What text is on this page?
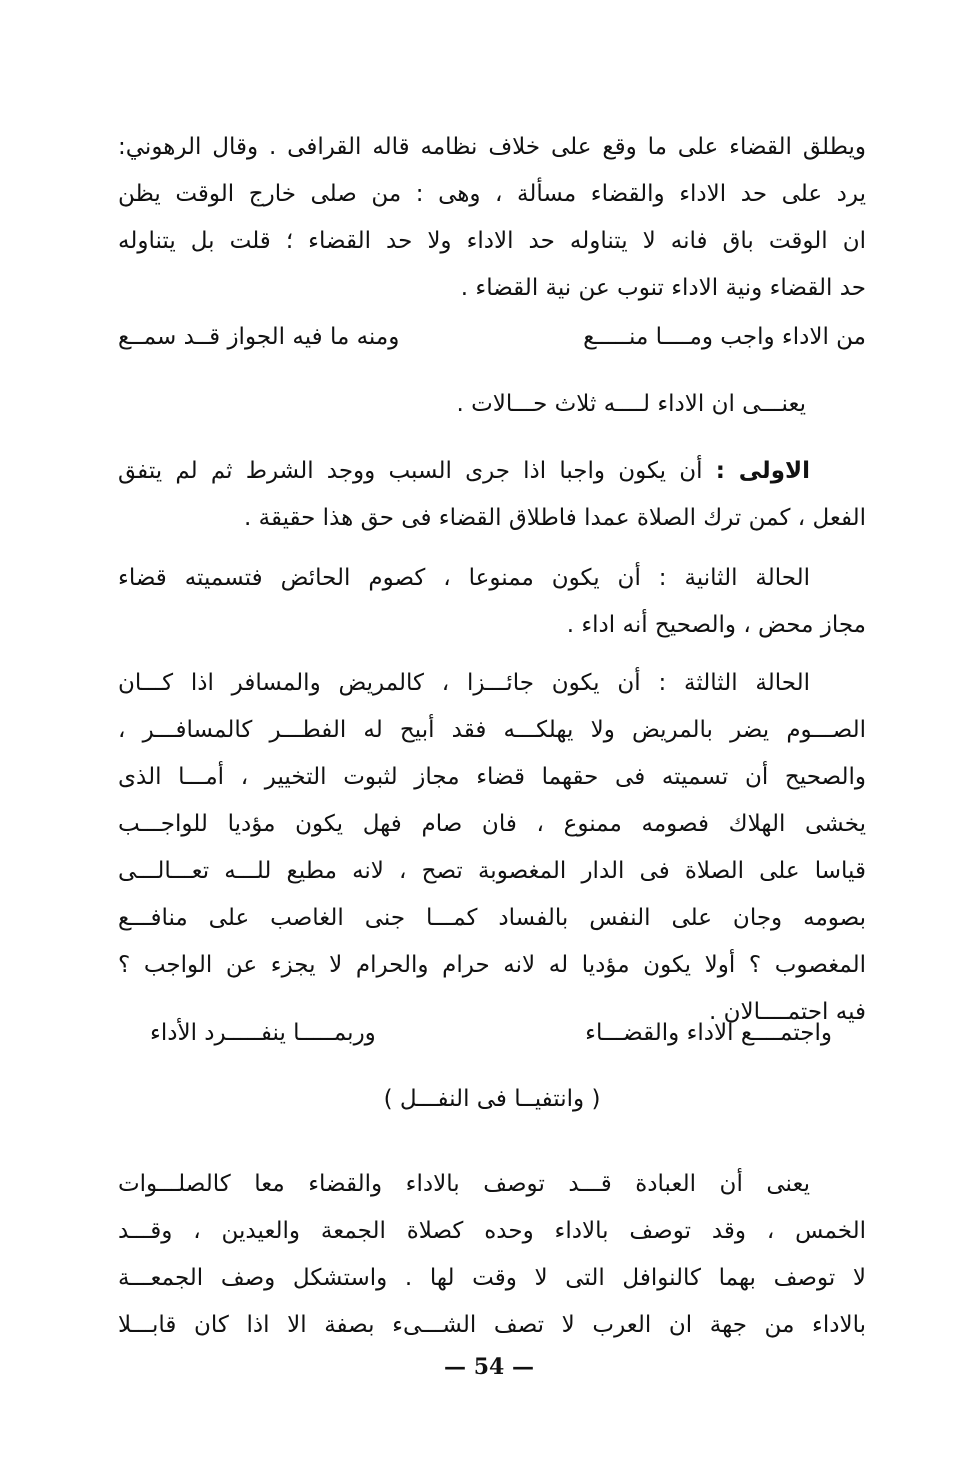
ويطلق القضاء على ما وقع على خلاف نظامه قاله القرافى . وقال الرهوني:
يرد على حد الاداء والقضاء مسألة ، وهى : من صلى خارج الوقت يظن
ان الوقت باق فانه لا يتناوله حد الاداء ولا حد القضاء ؛ قلت بل يتناوله
حد القضاء ونية الاداء تنوب عن نية القضاء .
من الاداء واجب ومــــا منـــــع
ومنه ما فيه الجواز قــد سمــع
يعنـــى ان الاداء لــــه ثلاث حـــالات .
الاولى : أن يكون واجبا اذا جرى السبب ووجد الشرط ثم لم يتفق
الفعل ، كمن ترك الصلاة عمدا فاطلاق القضاء فى حق هذا حقيقة .
الحالة الثانية : أن يكون ممنوعا ، كصوم الحائض فتسميته قضاء
مجاز محض ، والصحيح أنه اداء .
الحالة الثالثة : أن يكون جائـــزا ، كالمريض والمسافر اذا كـــان
الصـــوم يضر بالمريض ولا يهلكـــه فقد أبيح له الفطـــر كالمسافـــر ،
والصحيح أن تسميته فى حقهما قضاء مجاز لثبوت التخيير ، أمـــا الذى
يخشى الهلاك فصومه ممنوع ، فان صام فهل يكون مؤديا للواجـــب
قياسا على الصلاة فى الدار المغصوبة تصح ، لانه مطيع للـــه تعـــالـــى
بصومه وجان على النفس بالفساد كمـــا جنى الغاصب على منافـــع
المغصوب ؟ أولا يكون مؤديا له لانه حرام والحرام لا يجزء عن الواجب ؟
فيه احتمــــالان .
واجتمــــع الاداء والقضـــاء
وربمـــــا ينفـــــرد الأداء
( وانتفيــا فى النفـــل )
يعنى أن العبادة قـــد توصف بالاداء والقضاء معا كالصلـــوات
الخمس ، وقد توصف بالاداء وحده كصلاة الجمعة والعيدين ، وقـــد
لا توصف بهما كالنوافل التى لا وقت لها . واستشكل وصف الجمعـــة
بالاداء من جهة ان العرب لا تصف الشـــىء بصفة الا اذا كان قابـــلا
— 54 —
